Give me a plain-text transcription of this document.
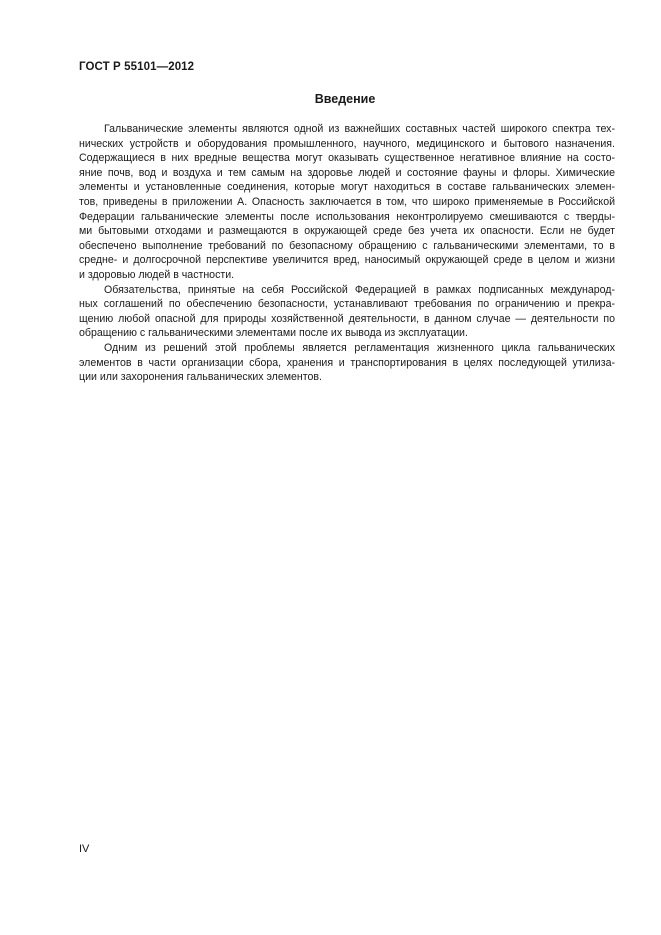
ГОСТ Р 55101—2012
Введение

Гальванические элементы являются одной из важнейших составных частей широкого спектра тех-
нических устройств и оборудования промышленного, научного, медицинского и бытового назначения.
Содержащиеся в них вредные вещества могут оказывать существенное негативное влияние на состо-
яние почв, вод и воздуха и тем самым на здоровье людей и состояние фауны и флоры. Химические
элементы и установленные соединения, которые могут находиться в составе гальванических элемен-
тов, приведены в приложении А. Опасность заключается в том, что широко применяемые в Российской
Федерации гальванические элементы после использования неконтролируемо смешиваются с тверды-
ми бытовыми отходами и размещаются в окружающей среде без учета их опасности. Если не будет
обеспечено выполнение требований по безопасному обращению с гальваническими элементами, то в
средне- и долгосрочной перспективе увеличится вред, наносимый окружающей среде в целом и жизни
и здоровью людей в частности.

Обязательства, принятые на себя Российской Федерацией в рамках подписанных международ-
ных соглашений по обеспечению безопасности, устанавливают требования по ограничению и прекра-
щению любой опасной для природы хозяйственной деятельности, в данном случае — деятельности по
обращению с гальваническими элементами после их вывода из эксплуатации.

Одним из решений этой проблемы является регламентация жизненного цикла гальванических
элементов в части организации сбора, хранения и транспортирования в целях последующей утилиза-
ции или захоронения гальванических элементов.

IV
